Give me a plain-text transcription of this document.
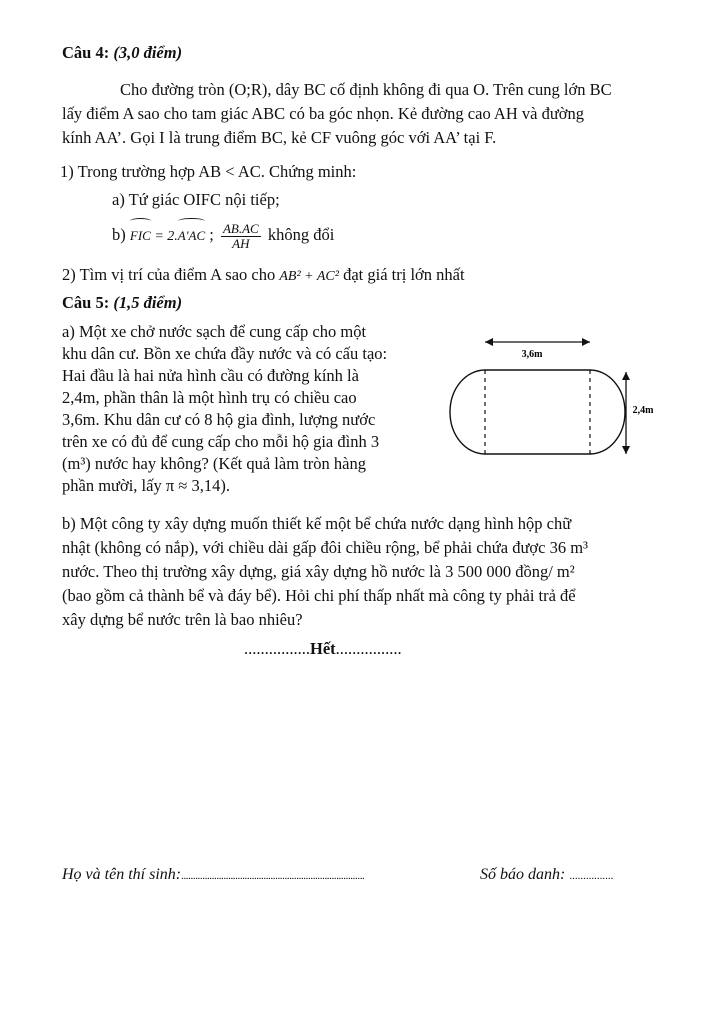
Câu 4: (3,0 điểm)
Cho đường tròn (O;R), dây BC cố định không đi qua O. Trên cung lớn BC
lấy điểm A sao cho tam giác ABC có ba góc nhọn. Kẻ đường cao AH và đường
kính AA’. Gọi I là trung điểm BC, kẻ CF vuông góc với AA’ tại F.
1) Trong trường hợp AB < AC. Chứng minh:
a) Tứ giác OIFC nội tiếp;
b) FIC = 2.A'AC ; $\frac{AB.AC}{AH}$ không đổi
2) Tìm vị trí của điểm A sao cho AB² + AC² đạt giá trị lớn nhất
Câu 5: (1,5 điểm)
a) Một xe chở nước sạch để cung cấp cho một
khu dân cư. Bồn xe chứa đầy nước và có cấu tạo:
Hai đầu là hai nửa hình cầu có đường kính là
2,4m, phần thân là một hình trụ có chiều cao
3,6m. Khu dân cư có 8 hộ gia đình, lượng nước
trên xe có đủ để cung cấp cho mỗi hộ gia đình 3
(m³) nước hay không? (Kết quả làm tròn hàng
phần mười, lấy π ≈ 3,14).
3,6m
2,4m
b) Một công ty xây dựng muốn thiết kế một bể chứa nước dạng hình hộp chữ
nhật (không có nắp), với chiều dài gấp đôi chiều rộng, bể phải chứa được 36 m³
nước. Theo thị trường xây dựng, giá xây dựng hồ nước là 3 500 000 đồng/ m²
(bao gồm cả thành bể và đáy bể). Hỏi chi phí thấp nhất mà công ty phải trả để
xây dựng bể nước trên là bao nhiêu?
................Hết................
Họ và tên thí sinh:..............................................................................	Số báo danh: ................
